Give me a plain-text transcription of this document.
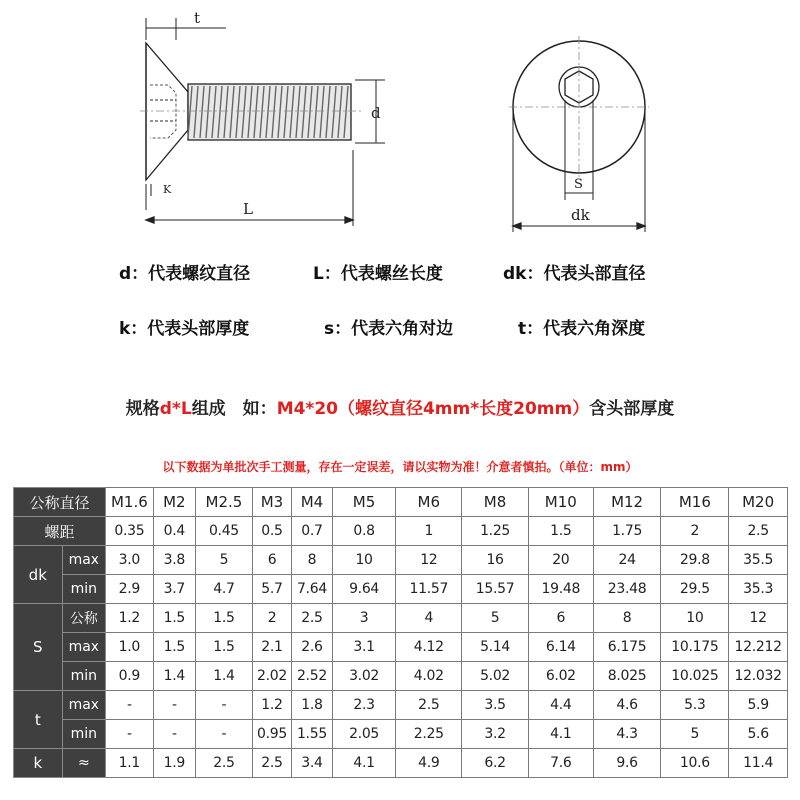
t
d
K
L
S
dk
d：代表螺纹直径	L：代表螺丝长度	dk：代表头部直径
k：代表头部厚度	s：代表六角对边	t：代表六角深度
规格d*L组成　如：M4*20（螺纹直径4mm*长度20mm）含头部厚度
以下数据为单批次手工测量，存在一定误差，请以实物为准！介意者慎拍。（单位：mm）
公称直径		M1.6	M2	M2.5	M3	M4	M5	M6	M8	M10	M12	M16	M20
螺距		0.35	0.4	0.45	0.5	0.7	0.8	1	1.25	1.5	1.75	2	2.5
dk	max	3.0	3.8	5	6	8	10	12	16	20	24	29.8	35.5
	min	2.9	3.7	4.7	5.7	7.64	9.64	11.57	15.57	19.48	23.48	29.5	35.3
S	公称	1.2	1.5	1.5	2	2.5	3	4	5	6	8	10	12
	max	1.0	1.5	1.5	2.1	2.6	3.1	4.12	5.14	6.14	6.175	10.175	12.212
	min	0.9	1.4	1.4	2.02	2.52	3.02	4.02	5.02	6.02	8.025	10.025	12.032
t	max	-	-	-	1.2	1.8	2.3	2.5	3.5	4.4	4.6	5.3	5.9
	min	-	-	-	0.95	1.55	2.05	2.25	3.2	4.1	4.3	5	5.6
k	≈	1.1	1.9	2.5	2.5	3.4	4.1	4.9	6.2	7.6	9.6	10.6	11.4
